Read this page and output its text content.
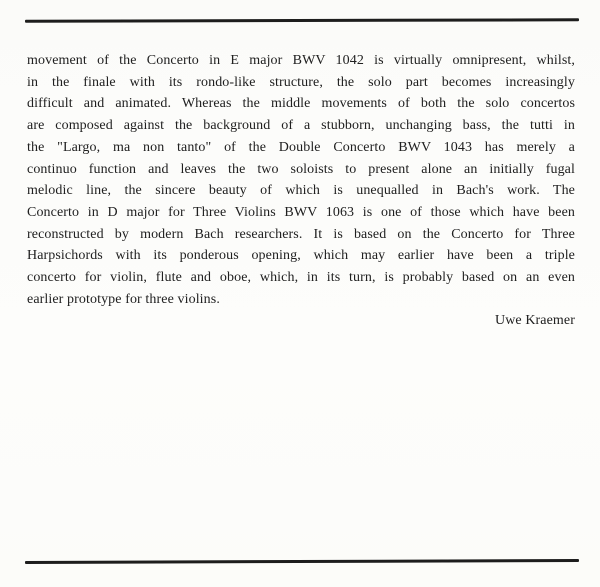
movement of the Concerto in E major BWV 1042 is virtually omnipresent, whilst,
in the finale with its rondo-like structure, the solo part becomes increasingly
difficult and animated. Whereas the middle movements of both the solo concertos
are composed against the background of a stubborn, unchanging bass, the tutti in
the "Largo, ma non tanto" of the Double Concerto BWV 1043 has merely a
continuo function and leaves the two soloists to present alone an initially fugal
melodic line, the sincere beauty of which is unequalled in Bach's work. The
Concerto in D major for Three Violins BWV 1063 is one of those which have been
reconstructed by modern Bach researchers. It is based on the Concerto for Three
Harpsichords with its ponderous opening, which may earlier have been a triple
concerto for violin, flute and oboe, which, in its turn, is probably based on an even
earlier prototype for three violins.
Uwe Kraemer
